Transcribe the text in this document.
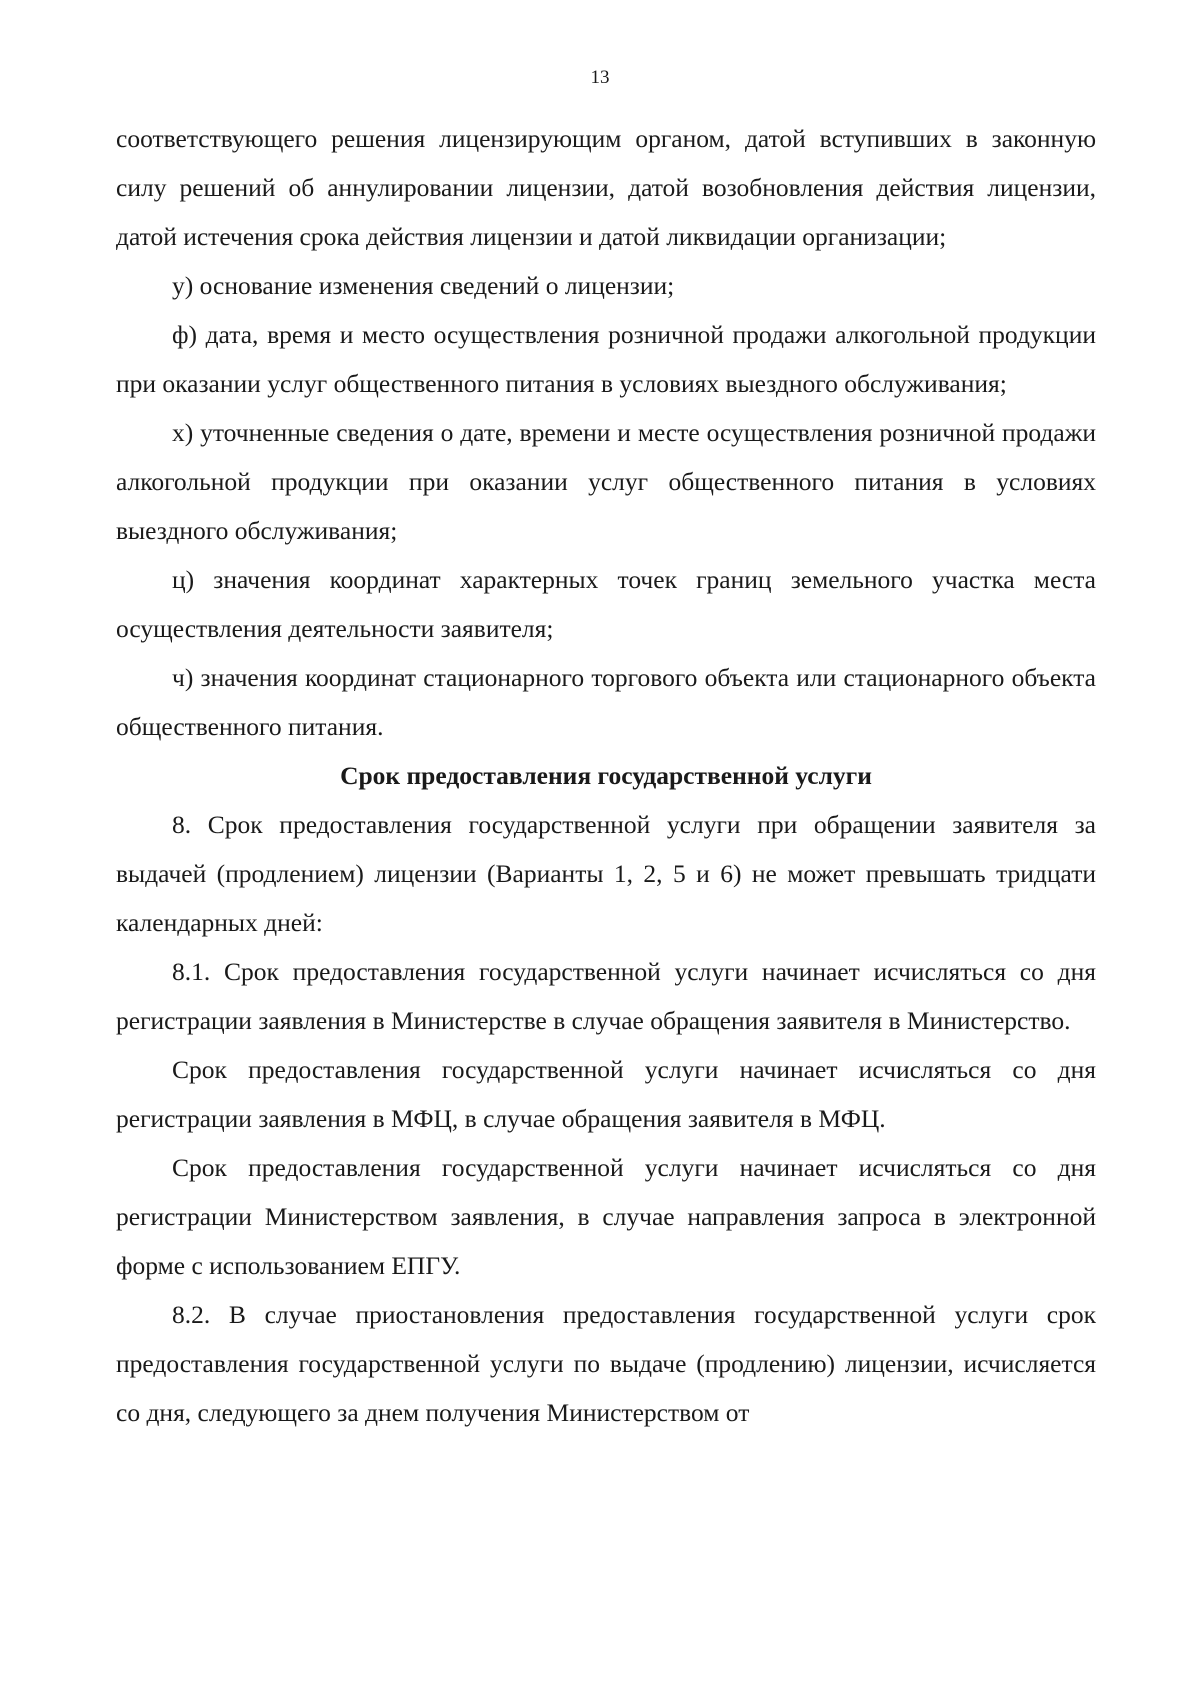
13

соответствующего решения лицензирующим органом, датой вступивших в законную силу решений об аннулировании лицензии, датой возобновления действия лицензии, датой истечения срока действия лицензии и датой ликвидации организации;

у) основание изменения сведений о лицензии;

ф) дата, время и место осуществления розничной продажи алкогольной продукции при оказании услуг общественного питания в условиях выездного обслуживания;

х) уточненные сведения о дате, времени и месте осуществления розничной продажи алкогольной продукции при оказании услуг общественного питания в условиях выездного обслуживания;

ц) значения координат характерных точек границ земельного участка места осуществления деятельности заявителя;

ч) значения координат стационарного торгового объекта или стационарного объекта общественного питания.

Срок предоставления государственной услуги

8. Срок предоставления государственной услуги при обращении заявителя за выдачей (продлением) лицензии (Варианты 1, 2, 5 и 6) не может превышать тридцати календарных дней:

8.1. Срок предоставления государственной услуги начинает исчисляться со дня регистрации заявления в Министерстве в случае обращения заявителя в Министерство.

Срок предоставления государственной услуги начинает исчисляться со дня регистрации заявления в МФЦ, в случае обращения заявителя в МФЦ.

Срок предоставления государственной услуги начинает исчисляться со дня регистрации Министерством заявления, в случае направления запроса в электронной форме с использованием ЕПГУ.

8.2. В случае приостановления предоставления государственной услуги срок предоставления государственной услуги по выдаче (продлению) лицензии, исчисляется со дня, следующего за днем получения Министерством от
